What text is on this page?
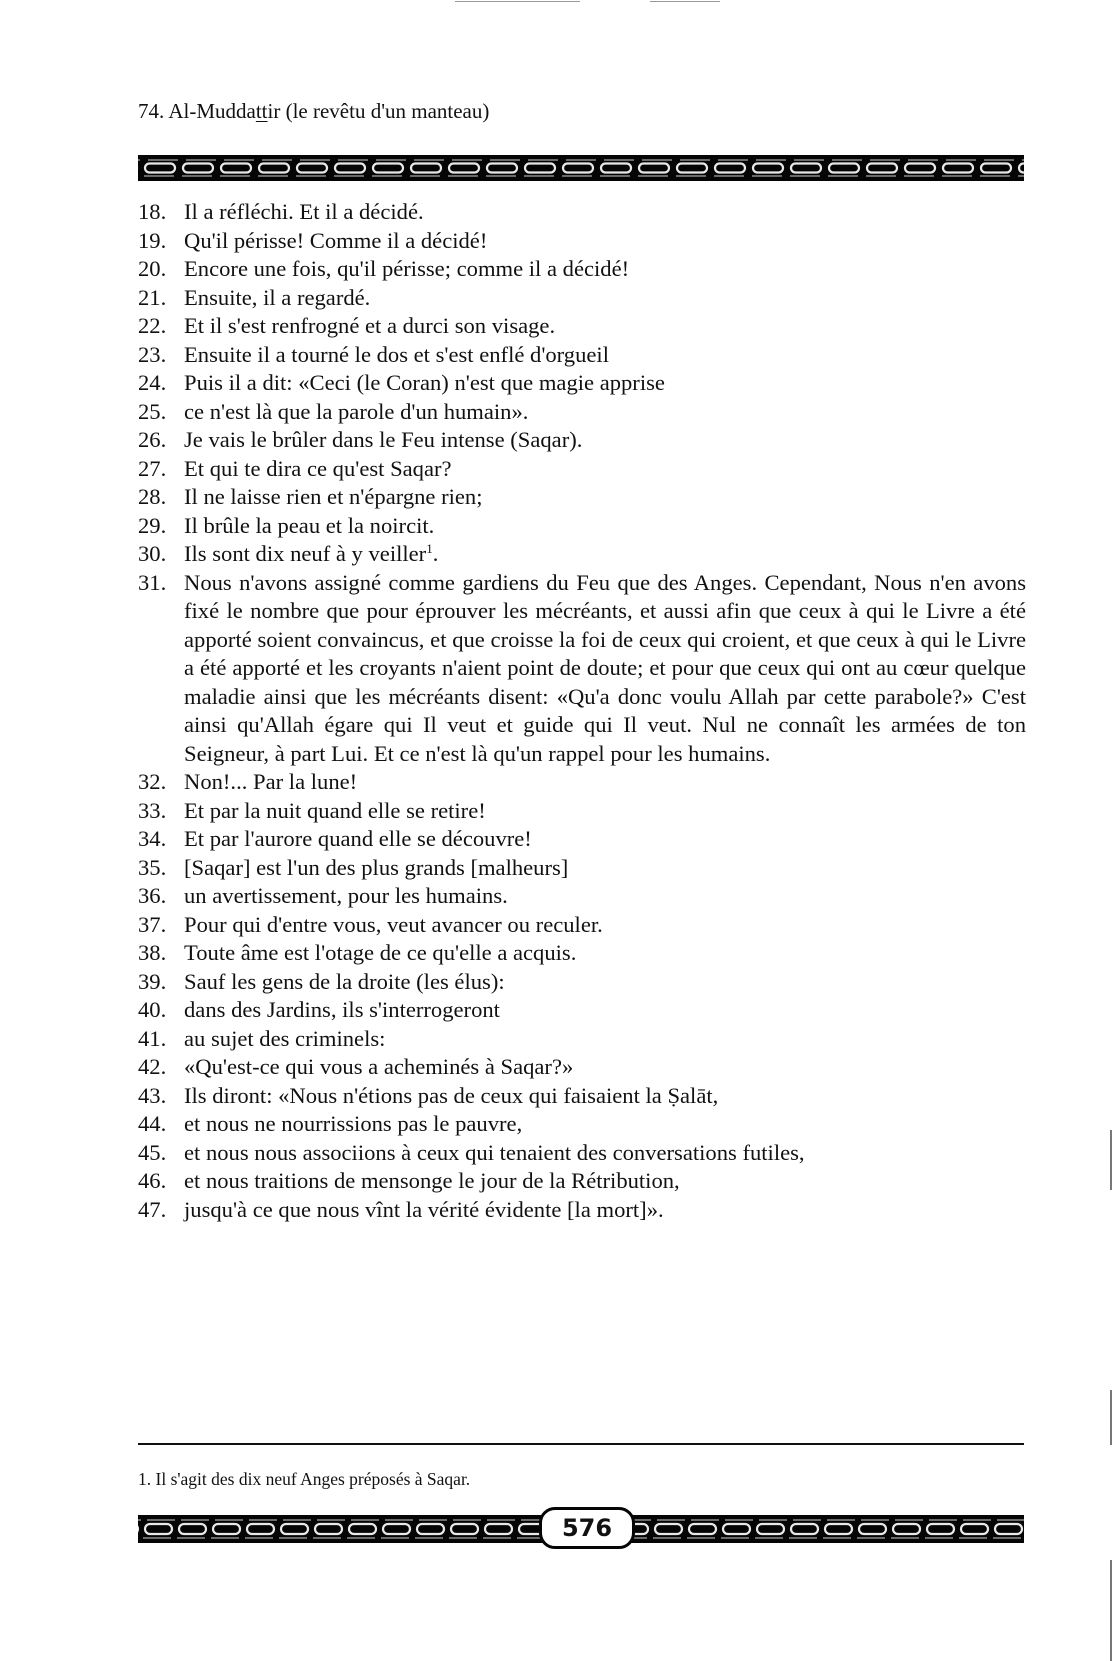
74. Al-Muddattir (le revêtu d'un manteau)
18. Il a réfléchi. Et il a décidé.
19. Qu'il périsse! Comme il a décidé!
20. Encore une fois, qu'il périsse; comme il a décidé!
21. Ensuite, il a regardé.
22. Et il s'est renfrogné et a durci son visage.
23. Ensuite il a tourné le dos et s'est enflé d'orgueil
24. Puis il a dit: «Ceci (le Coran) n'est que magie apprise
25. ce n'est là que la parole d'un humain».
26. Je vais le brûler dans le Feu intense (Saqar).
27. Et qui te dira ce qu'est Saqar?
28. Il ne laisse rien et n'épargne rien;
29. Il brûle la peau et la noircit.
30. Ils sont dix neuf à y veiller$^1$.
31. Nous n'avons assigné comme gardiens du Feu que des Anges. Cependant, Nous n'en avons fixé le nombre que pour éprouver les mécréants, et aussi afin que ceux à qui le Livre a été apporté soient convaincus, et que croisse la foi de ceux qui croient, et que ceux à qui le Livre a été apporté et les croyants n'aient point de doute; et pour que ceux qui ont au cœur quelque maladie ainsi que les mécréants disent: «Qu'a donc voulu Allah par cette parabole?» C'est ainsi qu'Allah égare qui Il veut et guide qui Il veut. Nul ne connaît les armées de ton Seigneur, à part Lui. Et ce n'est là qu'un rappel pour les humains.
32. Non!... Par la lune!
33. Et par la nuit quand elle se retire!
34. Et par l'aurore quand elle se découvre!
35. [Saqar] est l'un des plus grands [malheurs]
36. un avertissement, pour les humains.
37. Pour qui d'entre vous, veut avancer ou reculer.
38. Toute âme est l'otage de ce qu'elle a acquis.
39. Sauf les gens de la droite (les élus):
40. dans des Jardins, ils s'interrogeront
41. au sujet des criminels:
42. «Qu'est-ce qui vous a acheminés à Saqar?»
43. Ils diront: «Nous n'étions pas de ceux qui faisaient la Ṣalāt,
44. et nous ne nourrissions pas le pauvre,
45. et nous nous associions à ceux qui tenaient des conversations futiles,
46. et nous traitions de mensonge le jour de la Rétribution,
47. jusqu'à ce que nous vînt la vérité évidente [la mort]».
1. Il s'agit des dix neuf Anges préposés à Saqar.
576
